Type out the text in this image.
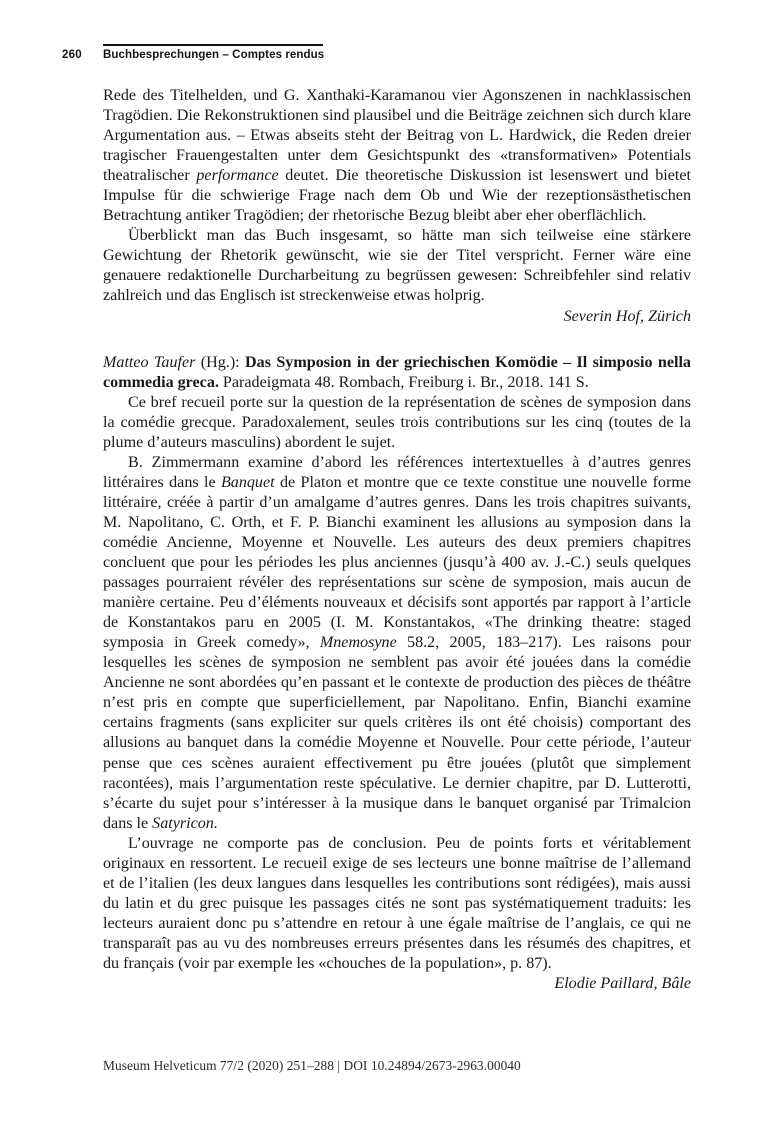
260	Buchbesprechungen – Comptes rendus

Rede des Titelhelden, und G. Xanthaki-Karamanou vier Agonszenen in nachklassischen Tragödien. Die Rekonstruktionen sind plausibel und die Beiträge zeichnen sich durch klare Argumentation aus. – Etwas abseits steht der Beitrag von L. Hardwick, die Reden dreier tragischer Frauengestalten unter dem Gesichtspunkt des «transformativen» Potentials theatralischer performance deutet. Die theoretische Diskussion ist lesenswert und bietet Impulse für die schwierige Frage nach dem Ob und Wie der rezeptionsästhetischen Betrachtung antiker Tragödien; der rhetorische Bezug bleibt aber eher oberflächlich.

Überblickt man das Buch insgesamt, so hätte man sich teilweise eine stärkere Gewichtung der Rhetorik gewünscht, wie sie der Titel verspricht. Ferner wäre eine genauere redaktionelle Durcharbeitung zu begrüssen gewesen: Schreibfehler sind relativ zahlreich und das Englisch ist streckenweise etwas holprig.

Severin Hof, Zürich

Matteo Taufer (Hg.): Das Symposion in der griechischen Komödie – Il simposio nella commedia greca. Paradeigmata 48. Rombach, Freiburg i. Br., 2018. 141 S.

Ce bref recueil porte sur la question de la représentation de scènes de symposion dans la comédie grecque. Paradoxalement, seules trois contributions sur les cinq (toutes de la plume d’auteurs masculins) abordent le sujet.

B. Zimmermann examine d’abord les références intertextuelles à d’autres genres littéraires dans le Banquet de Platon et montre que ce texte constitue une nouvelle forme littéraire, créée à partir d’un amalgame d’autres genres. Dans les trois chapitres suivants, M. Napolitano, C. Orth, et F. P. Bianchi examinent les allusions au symposion dans la comédie Ancienne, Moyenne et Nouvelle. Les auteurs des deux premiers chapitres concluent que pour les périodes les plus anciennes (jusqu’à 400 av. J.-C.) seuls quelques passages pourraient révéler des représentations sur scène de symposion, mais aucun de manière certaine. Peu d’éléments nouveaux et décisifs sont apportés par rapport à l’article de Konstantakos paru en 2005 (I. M. Konstantakos, «The drinking theatre: staged symposia in Greek comedy», Mnemosyne 58.2, 2005, 183–217). Les raisons pour lesquelles les scènes de symposion ne semblent pas avoir été jouées dans la comédie Ancienne ne sont abordées qu’en passant et le contexte de production des pièces de théâtre n’est pris en compte que superficiellement, par Napolitano. Enfin, Bianchi examine certains fragments (sans expliciter sur quels critères ils ont été choisis) comportant des allusions au banquet dans la comédie Moyenne et Nouvelle. Pour cette période, l’auteur pense que ces scènes auraient effectivement pu être jouées (plutôt que simplement racontées), mais l’argumentation reste spéculative. Le dernier chapitre, par D. Lutterotti, s’écarte du sujet pour s’intéresser à la musique dans le banquet organisé par Trimalcion dans le Satyricon.

L’ouvrage ne comporte pas de conclusion. Peu de points forts et véritablement originaux en ressortent. Le recueil exige de ses lecteurs une bonne maîtrise de l’allemand et de l’italien (les deux langues dans lesquelles les contributions sont rédigées), mais aussi du latin et du grec puisque les passages cités ne sont pas systématiquement traduits: les lecteurs auraient donc pu s’attendre en retour à une égale maîtrise de l’anglais, ce qui ne transparaît pas au vu des nombreuses erreurs présentes dans les résumés des chapitres, et du français (voir par exemple les «chouches de la population», p. 87).

Elodie Paillard, Bâle

Museum Helveticum 77/2 (2020) 251–288 | DOI 10.24894/2673-2963.00040
